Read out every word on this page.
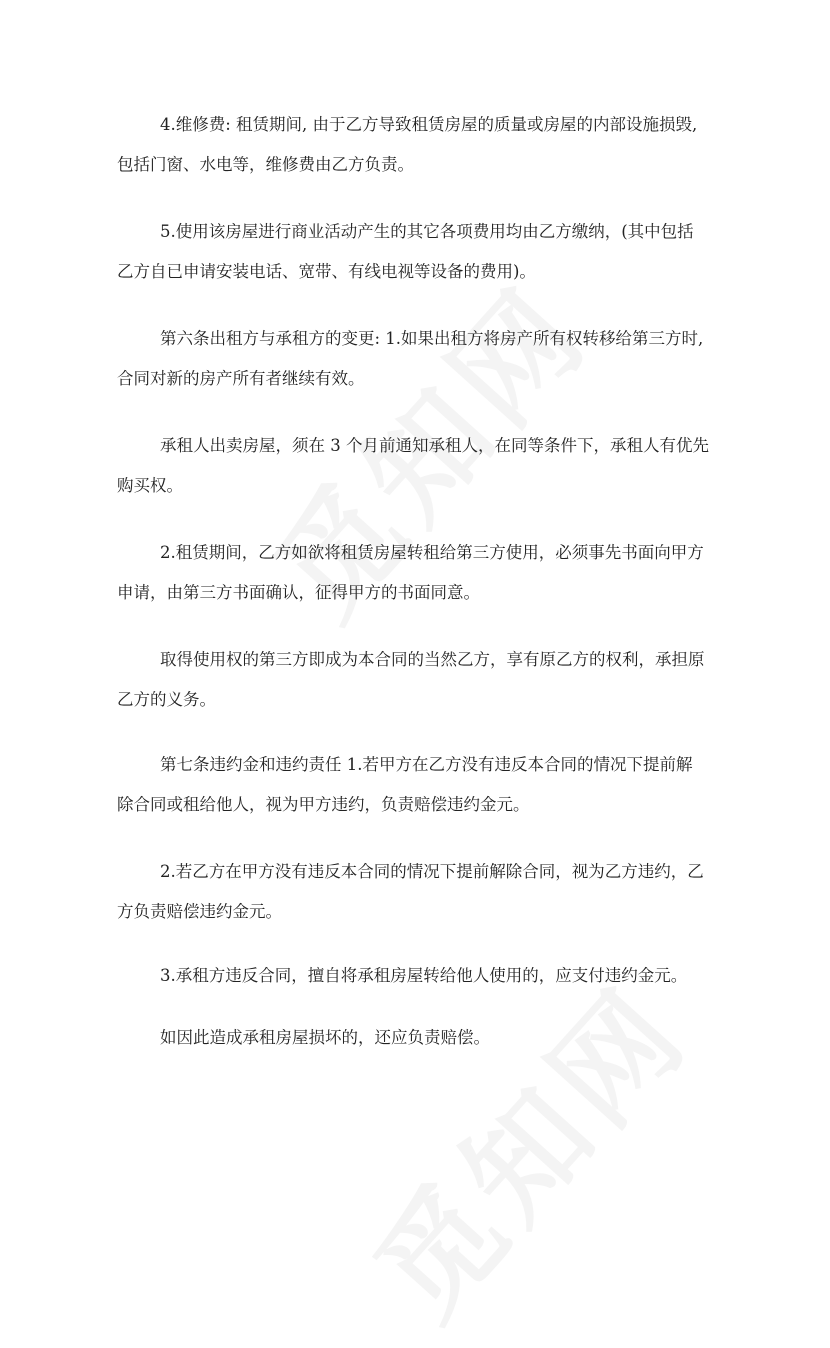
4.维修费: 租赁期间, 由于乙方导致租赁房屋的质量或房屋的内部设施损毁,
包括门窗、水电等，维修费由乙方负责。

5.使用该房屋进行商业活动产生的其它各项费用均由乙方缴纳，(其中包括
乙方自已申请安装电话、宽带、有线电视等设备的费用)。

第六条出租方与承租方的变更: 1.如果出租方将房产所有权转移给第三方时,
合同对新的房产所有者继续有效。

承租人出卖房屋，须在 3 个月前通知承租人，在同等条件下，承租人有优先
购买权。

2.租赁期间，乙方如欲将租赁房屋转租给第三方使用，必须事先书面向甲方
申请，由第三方书面确认，征得甲方的书面同意。

取得使用权的第三方即成为本合同的当然乙方，享有原乙方的权利，承担原
乙方的义务。

第七条违约金和违约责任 1.若甲方在乙方没有违反本合同的情况下提前解
除合同或租给他人，视为甲方违约，负责赔偿违约金元。

2.若乙方在甲方没有违反本合同的情况下提前解除合同，视为乙方违约，乙
方负责赔偿违约金元。

3.承租方违反合同，擅自将承租房屋转给他人使用的，应支付违约金元。

如因此造成承租房屋损坏的，还应负责赔偿。
